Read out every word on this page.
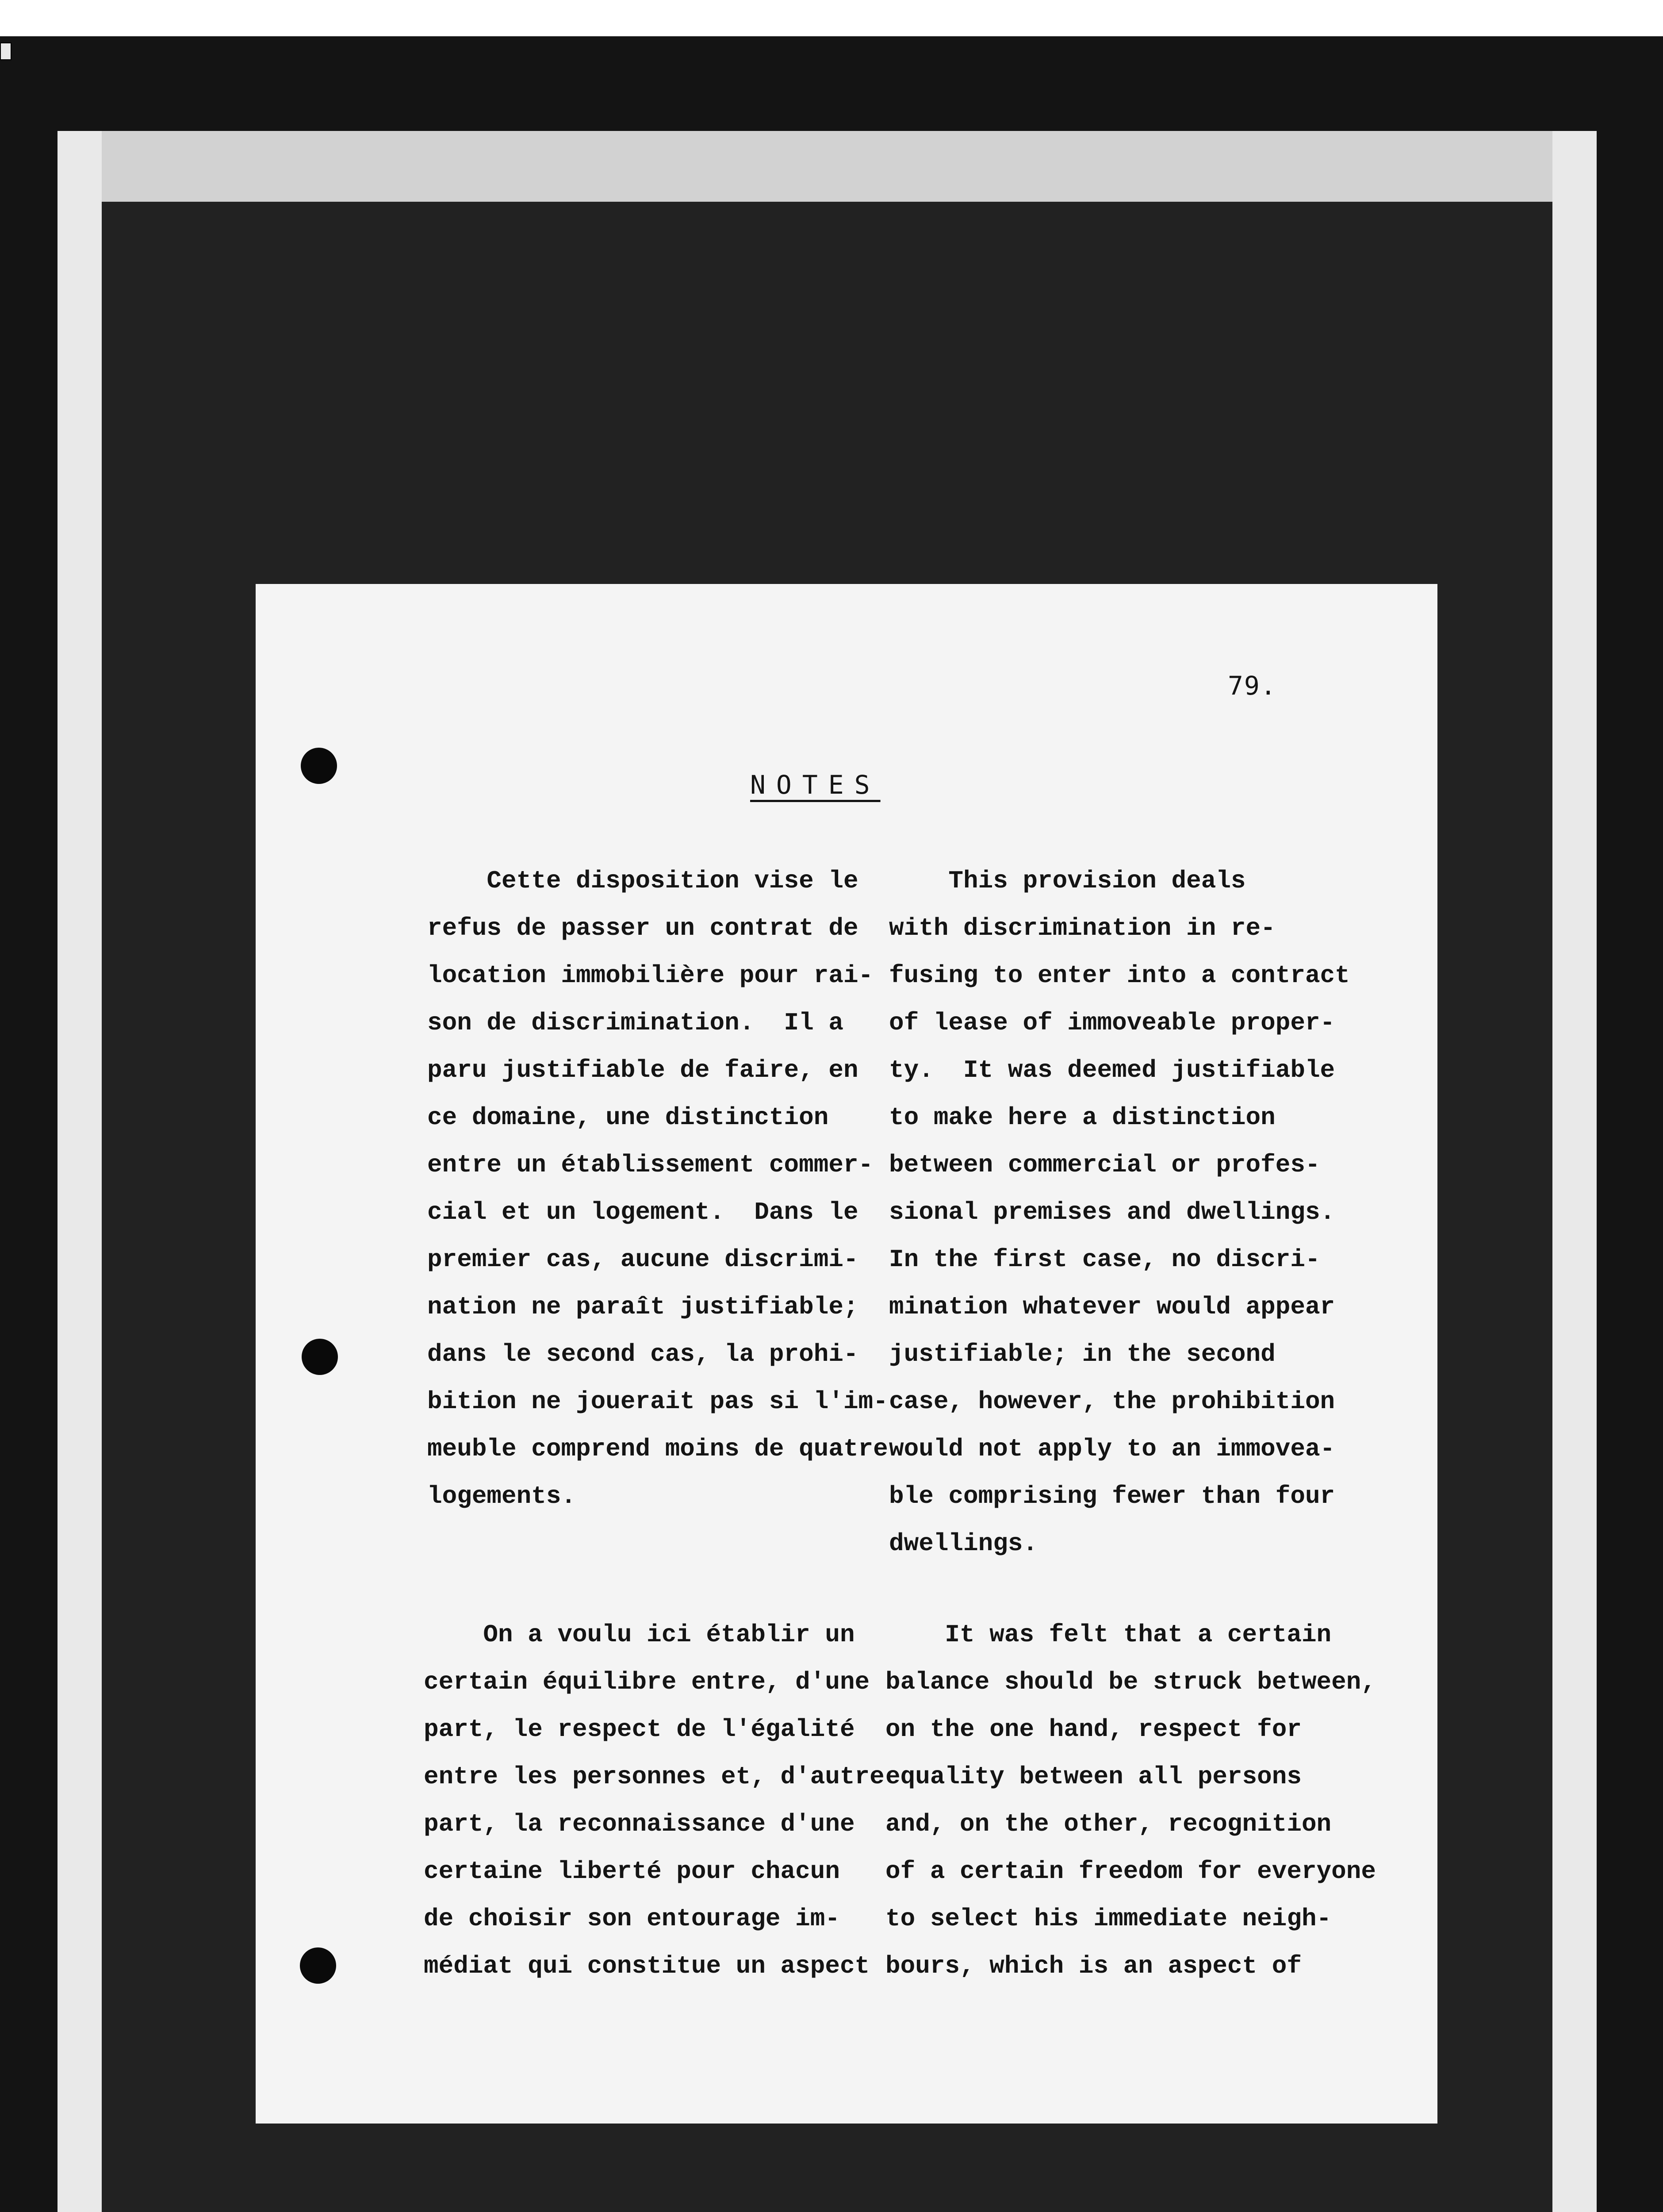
79.
NOTES
Cette disposition vise le
refus de passer un contrat de
location immobilière pour rai-
son de discrimination.  Il a
paru justifiable de faire, en
ce domaine, une distinction
entre un établissement commer-
cial et un logement.  Dans le
premier cas, aucune discrimi-
nation ne paraît justifiable;
dans le second cas, la prohi-
bition ne jouerait pas si l'im-
meuble comprend moins de quatre
logements.
This provision deals
with discrimination in re-
fusing to enter into a contract
of lease of immoveable proper-
ty.  It was deemed justifiable
to make here a distinction
between commercial or profes-
sional premises and dwellings.
In the first case, no discri-
mination whatever would appear
justifiable; in the second
case, however, the prohibition
would not apply to an immovea-
ble comprising fewer than four
dwellings.
On a voulu ici établir un
certain équilibre entre, d'une
part, le respect de l'égalité
entre les personnes et, d'autre
part, la reconnaissance d'une
certaine liberté pour chacun
de choisir son entourage im-
médiat qui constitue un aspect
It was felt that a certain
balance should be struck between,
on the one hand, respect for
equality between all persons
and, on the other, recognition
of a certain freedom for everyone
to select his immediate neigh-
bours, which is an aspect of
